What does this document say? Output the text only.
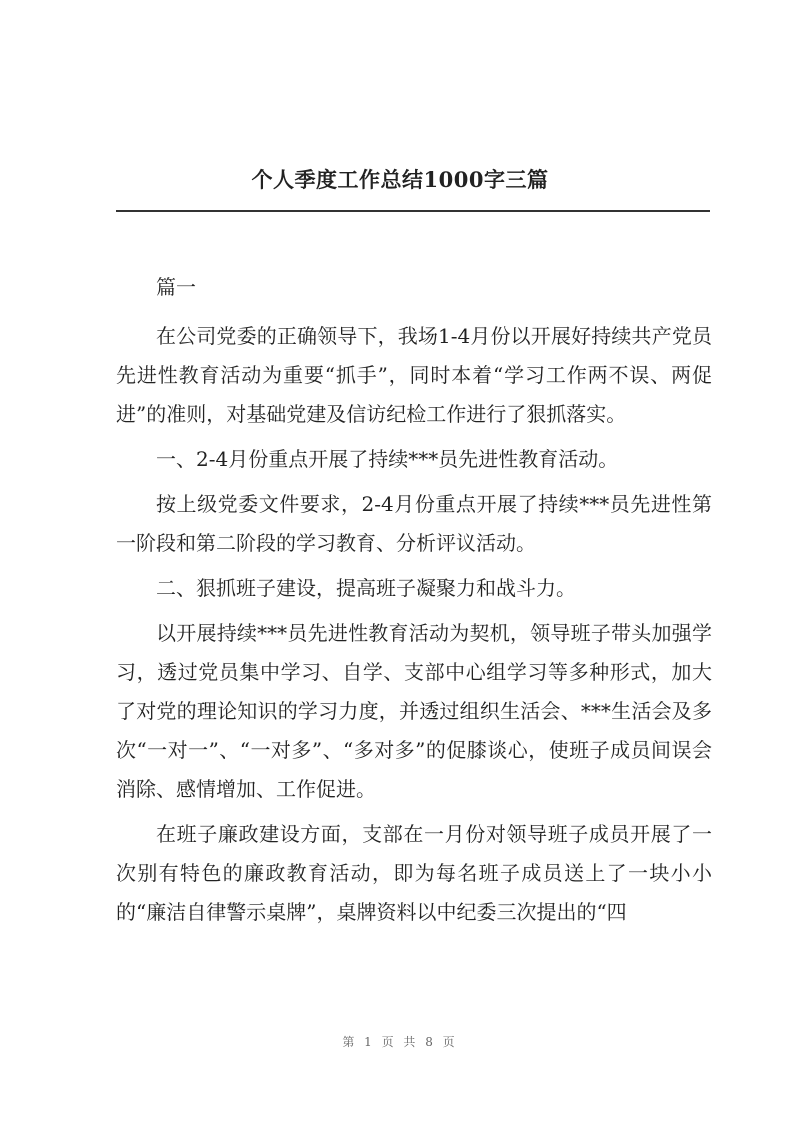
个人季度工作总结1000字三篇

篇一

在公司党委的正确领导下，我场1-4月份以开展好持续共产党员先进性教育活动为重要“抓手”，同时本着“学习工作两不误、两促进”的准则，对基础党建及信访纪检工作进行了狠抓落实。

一、2-4月份重点开展了持续***员先进性教育活动。

按上级党委文件要求，2-4月份重点开展了持续***员先进性第一阶段和第二阶段的学习教育、分析评议活动。

二、狠抓班子建设，提高班子凝聚力和战斗力。

以开展持续***员先进性教育活动为契机，领导班子带头加强学习，透过党员集中学习、自学、支部中心组学习等多种形式，加大了对党的理论知识的学习力度，并透过组织生活会、***生活会及多次“一对一”、“一对多”、“多对多”的促膝谈心，使班子成员间误会消除、感情增加、工作促进。

在班子廉政建设方面，支部在一月份对领导班子成员开展了一次别有特色的廉政教育活动，即为每名班子成员送上了一块小小的“廉洁自律警示桌牌”，桌牌资料以中纪委三次提出的“四

第 1 页 共 8 页
